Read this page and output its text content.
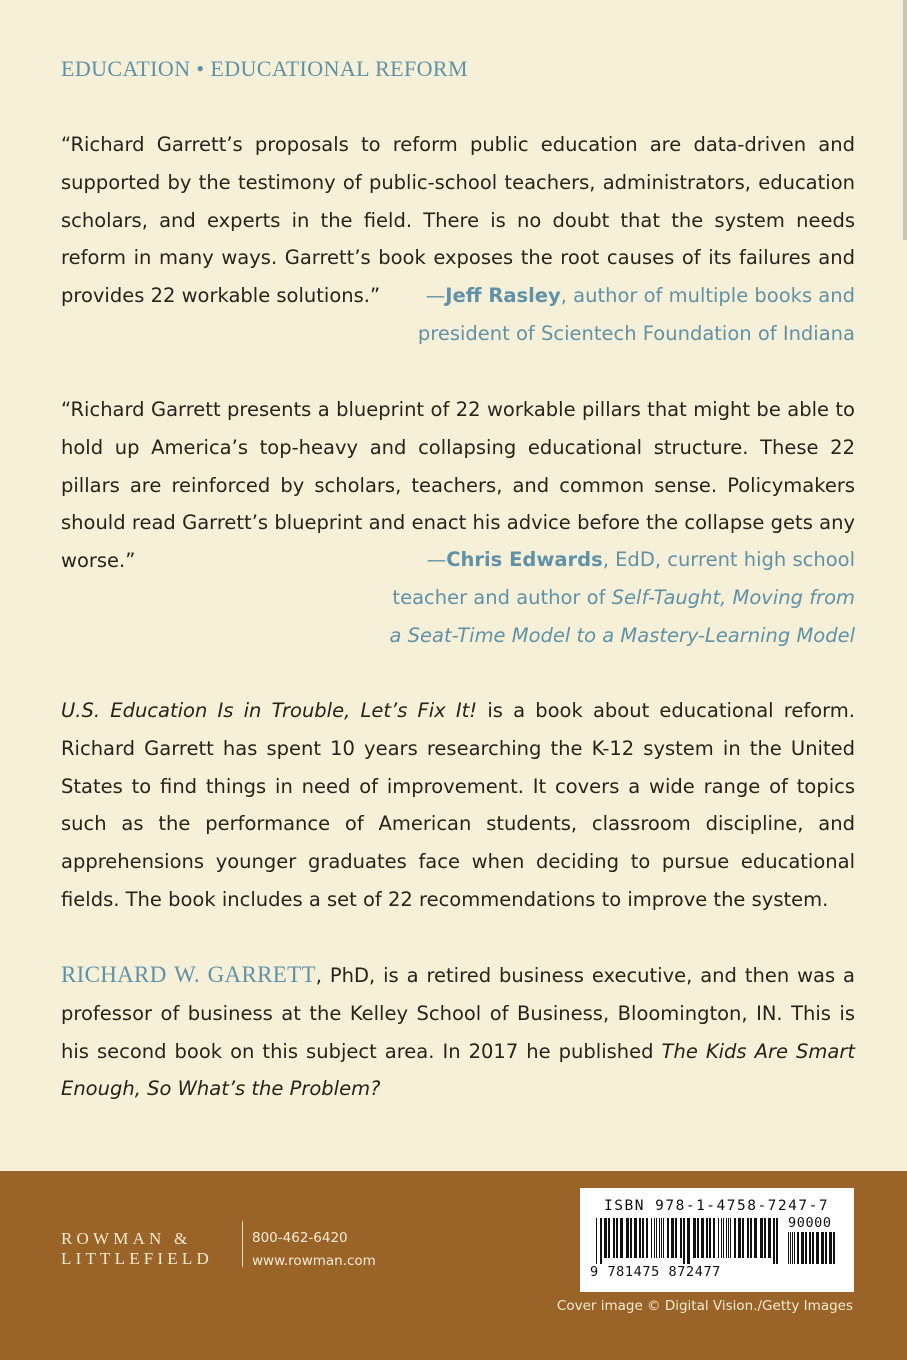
EDUCATION • EDUCATIONAL REFORM

“Richard Garrett’s proposals to reform public education are data-driven and supported by the testimony of public-school teachers, administrators, education scholars, and experts in the field. There is no doubt that the system needs reform in many ways. Garrett’s book exposes the root causes of its failures and provides 22 workable solutions.”	—Jeff Rasley, author of multiple books and
president of Scientech Foundation of Indiana

“Richard Garrett presents a blueprint of 22 workable pillars that might be able to hold up America’s top-heavy and collapsing educational structure. These 22 pillars are reinforced by scholars, teachers, and common sense. Policymakers should read Garrett’s blueprint and enact his advice before the collapse gets any worse.”	—Chris Edwards, EdD, current high school
teacher and author of Self-Taught, Moving from
a Seat-Time Model to a Mastery-Learning Model

U.S. Education Is in Trouble, Let’s Fix It! is a book about educational reform. Richard Garrett has spent 10 years researching the K-12 system in the United States to find things in need of improvement. It covers a wide range of topics such as the performance of American students, classroom discipline, and apprehensions younger graduates face when deciding to pursue educational fields. The book includes a set of 22 recommendations to improve the system.

RICHARD W. GARRETT, PhD, is a retired business executive, and then was a professor of business at the Kelley School of Business, Bloomington, IN. This is his second book on this subject area. In 2017 he published The Kids Are Smart Enough, So What’s the Problem?

ROWMAN &
LITTLEFIELD
800-462-6420
www.rowman.com
ISBN 978-1-4758-7247-7
90000
9 781475 872477
Cover image © Digital Vision./Getty Images
